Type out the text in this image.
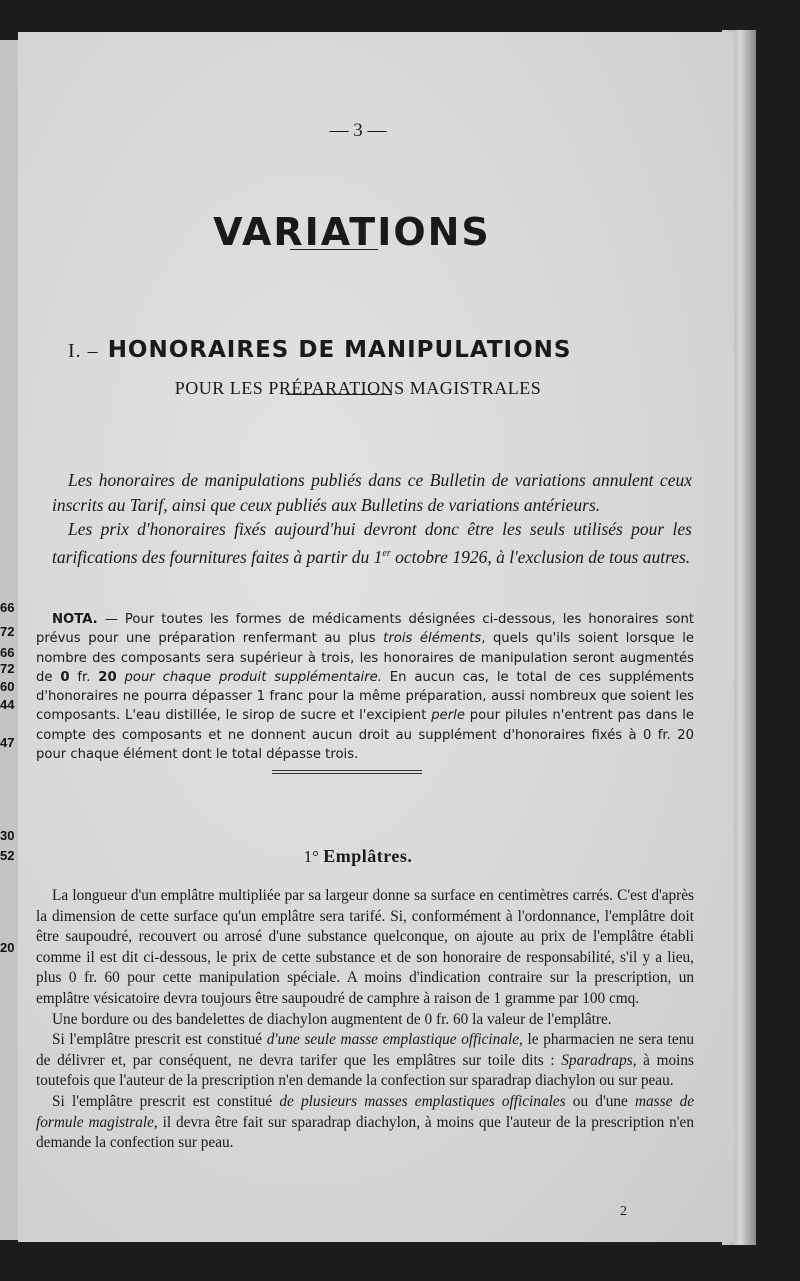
66
72
66
72
60
44
47
30
52
20
— 3 —
VARIATIONS
I. – HONORAIRES DE MANIPULATIONS
POUR LES PRÉPARATIONS MAGISTRALES

Les honoraires de manipulations publiés dans ce Bulletin de variations annulent ceux inscrits au Tarif, ainsi que ceux publiés aux Bulletins de variations antérieurs.

Les prix d'honoraires fixés aujourd'hui devront donc être les seuls utilisés pour les tarifications des fournitures faites à partir du 1er octobre 1926, à l'exclusion de tous autres.

NOTA. — Pour toutes les formes de médicaments désignées ci-dessous, les honoraires sont prévus pour une préparation renfermant au plus trois éléments, quels qu'ils soient lorsque le nombre des composants sera supérieur à trois, les honoraires de manipulation seront augmentés de 0 fr. 20 pour chaque produit supplémentaire. En aucun cas, le total de ces suppléments d'honoraires ne pourra dépasser 1 franc pour la même préparation, aussi nombreux que soient les composants. L'eau distillée, le sirop de sucre et l'excipient perle pour pilules n'entrent pas dans le compte des composants et ne donnent aucun droit au supplément d'honoraires fixés à 0 fr. 20 pour chaque élément dont le total dépasse trois.

1° Emplâtres.

La longueur d'un emplâtre multipliée par sa largeur donne sa surface en centimètres carrés. C'est d'après la dimension de cette surface qu'un emplâtre sera tarifé. Si, conformément à l'ordonnance, l'emplâtre doit être saupoudré, recouvert ou arrosé d'une substance quelconque, on ajoute au prix de l'emplâtre établi comme il est dit ci-dessous, le prix de cette substance et de son honoraire de responsabilité, s'il y a lieu, plus 0 fr. 60 pour cette manipulation spéciale. A moins d'indication contraire sur la prescription, un emplâtre vésicatoire devra toujours être saupoudré de camphre à raison de 1 gramme par 100 cmq.

Une bordure ou des bandelettes de diachylon augmentent de 0 fr. 60 la valeur de l'emplâtre.

Si l'emplâtre prescrit est constitué d'une seule masse emplastique officinale, le pharmacien ne sera tenu de délivrer et, par conséquent, ne devra tarifer que les emplâtres sur toile dits : Sparadraps, à moins toutefois que l'auteur de la prescription n'en demande la confection sur sparadrap diachylon ou sur peau.

Si l'emplâtre prescrit est constitué de plusieurs masses emplastiques officinales ou d'une masse de formule magistrale, il devra être fait sur sparadrap diachylon, à moins que l'auteur de la prescription n'en demande la confection sur peau.

2
